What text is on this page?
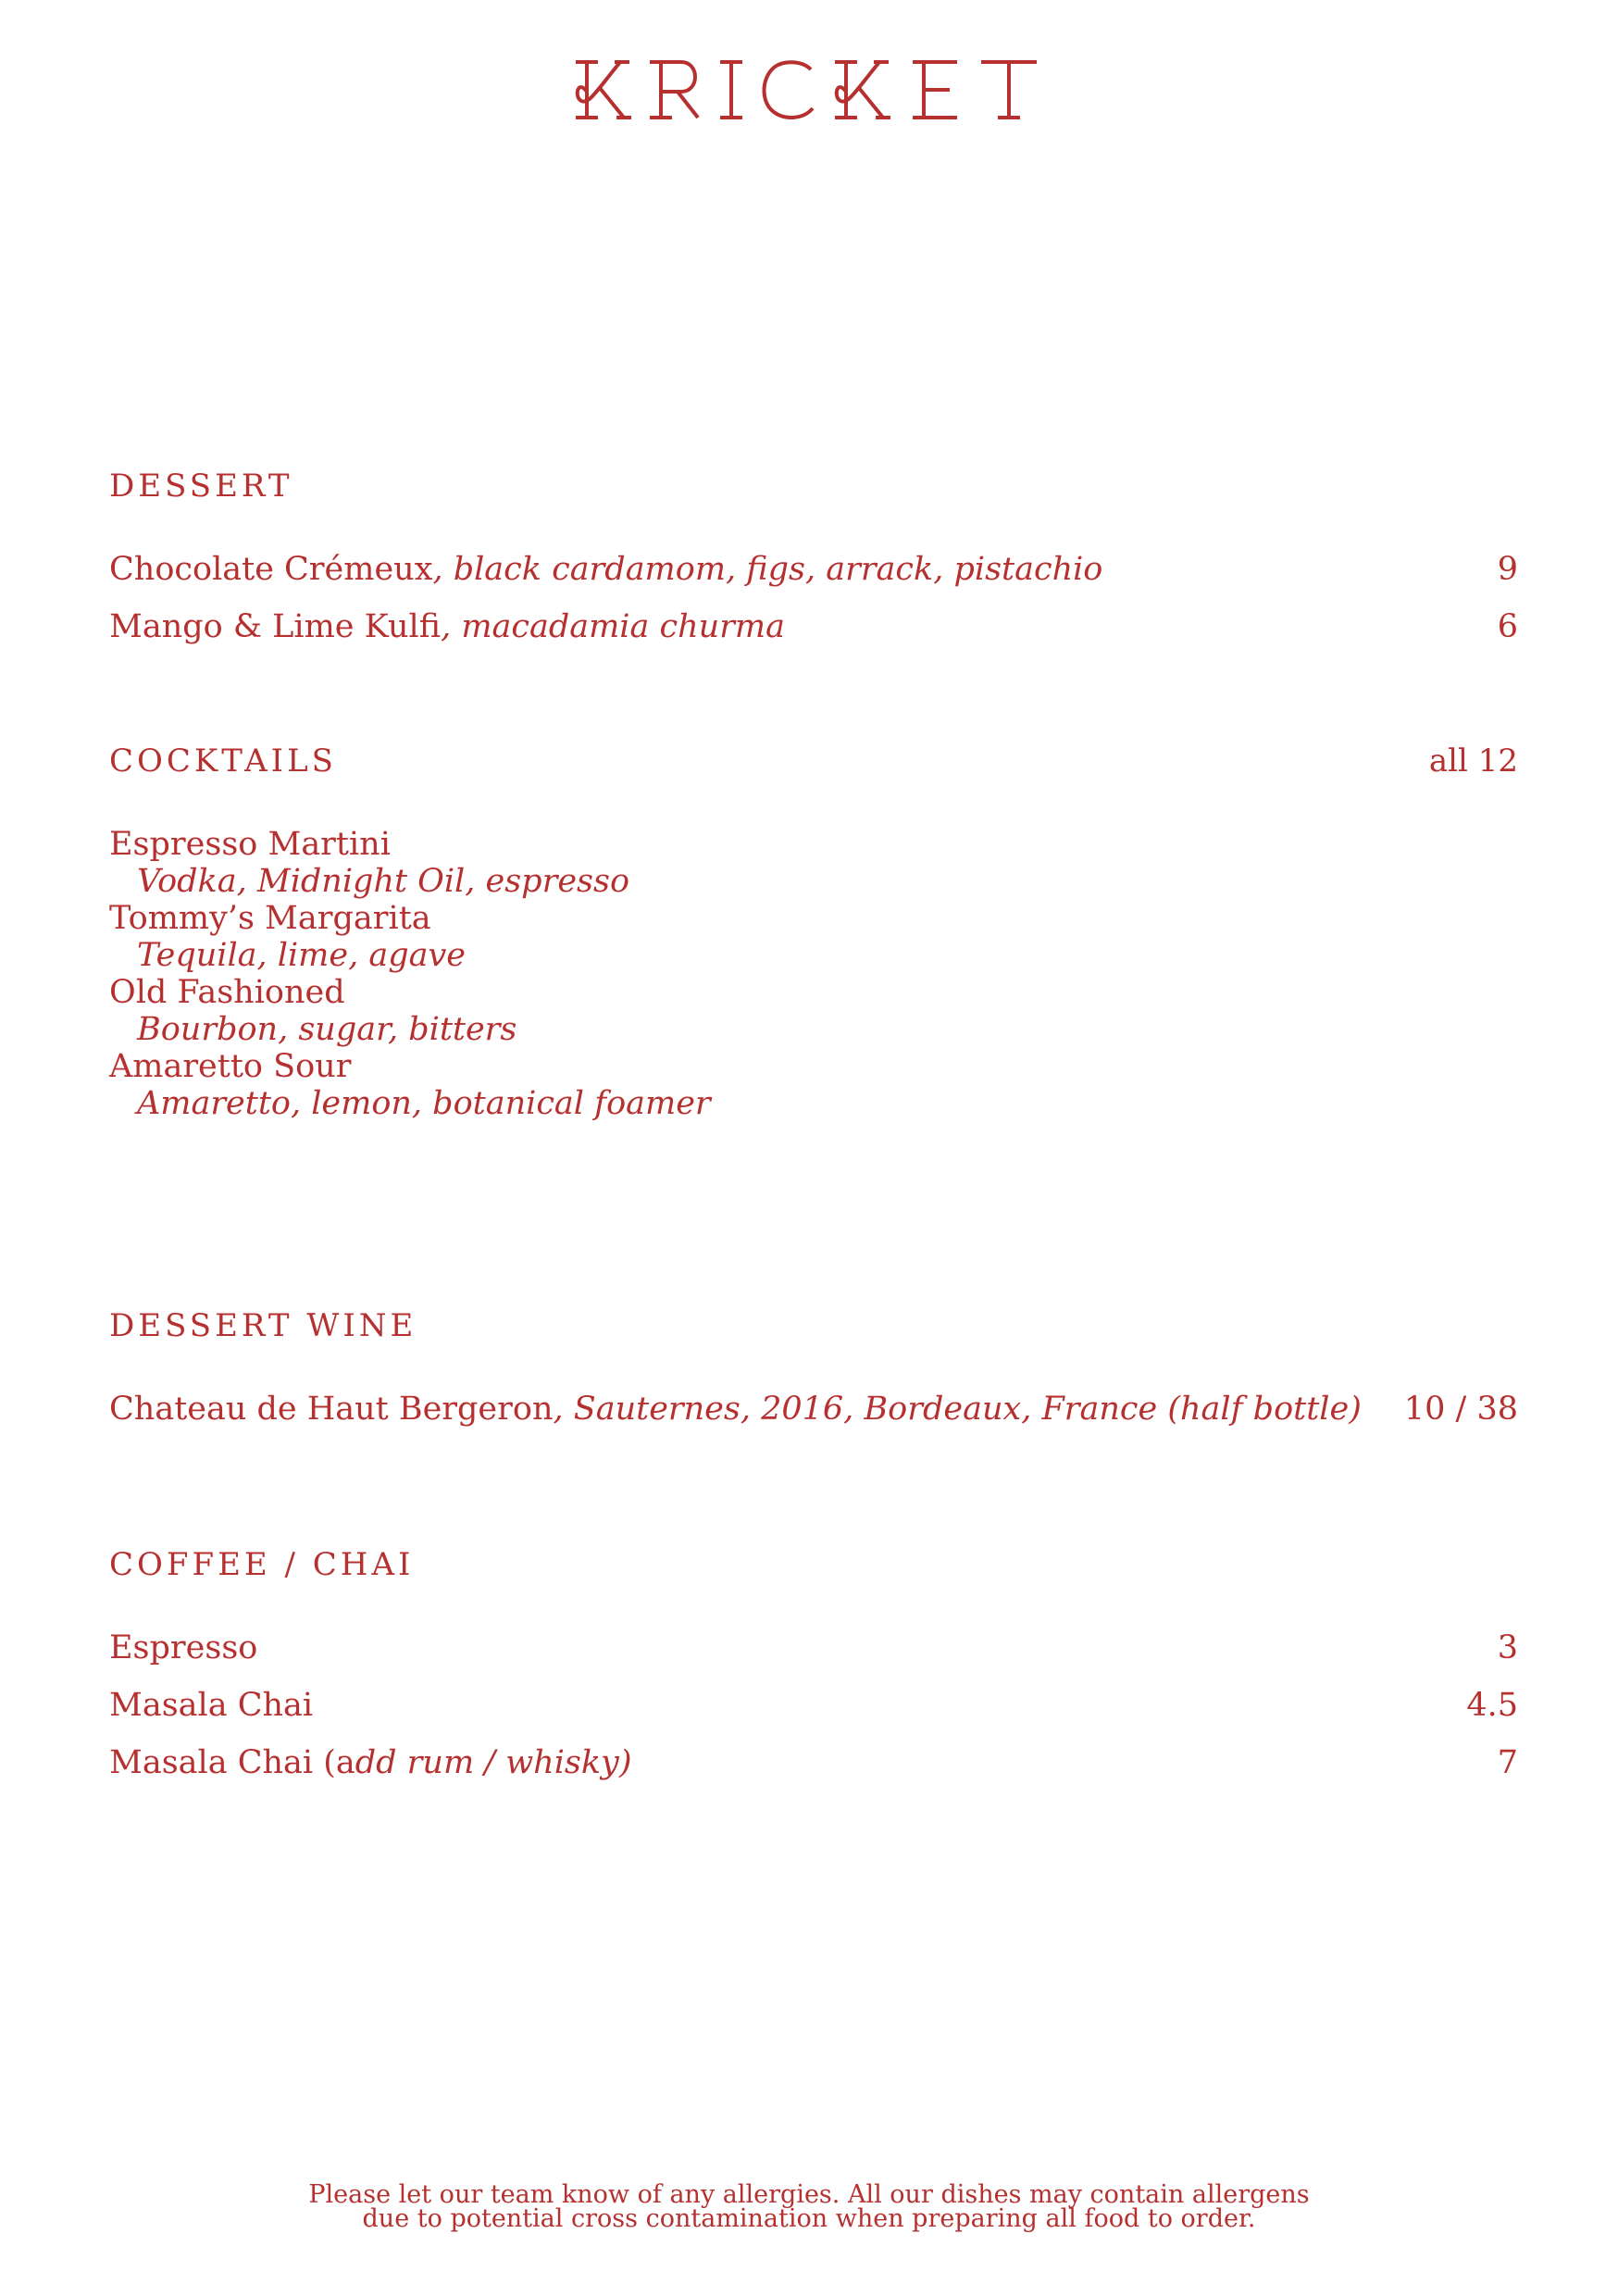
DESSERT
Chocolate Crémeux, black cardamom, figs, arrack, pistachio	9
Mango & Lime Kulfi, macadamia churma	6
COCKTAILS	all 12
Espresso Martini
Vodka, Midnight Oil, espresso
Tommy’s Margarita
Tequila, lime, agave
Old Fashioned
Bourbon, sugar, bitters
Amaretto Sour
Amaretto, lemon, botanical foamer
DESSERT WINE
Chateau de Haut Bergeron, Sauternes, 2016, Bordeaux, France (half bottle) 10 / 38
COFFEE / CHAI
Espresso	3
Masala Chai	4.5
Masala Chai (add rum / whisky)	7
Please let our team know of any allergies. All our dishes may contain allergens
due to potential cross contamination when preparing all food to order.
